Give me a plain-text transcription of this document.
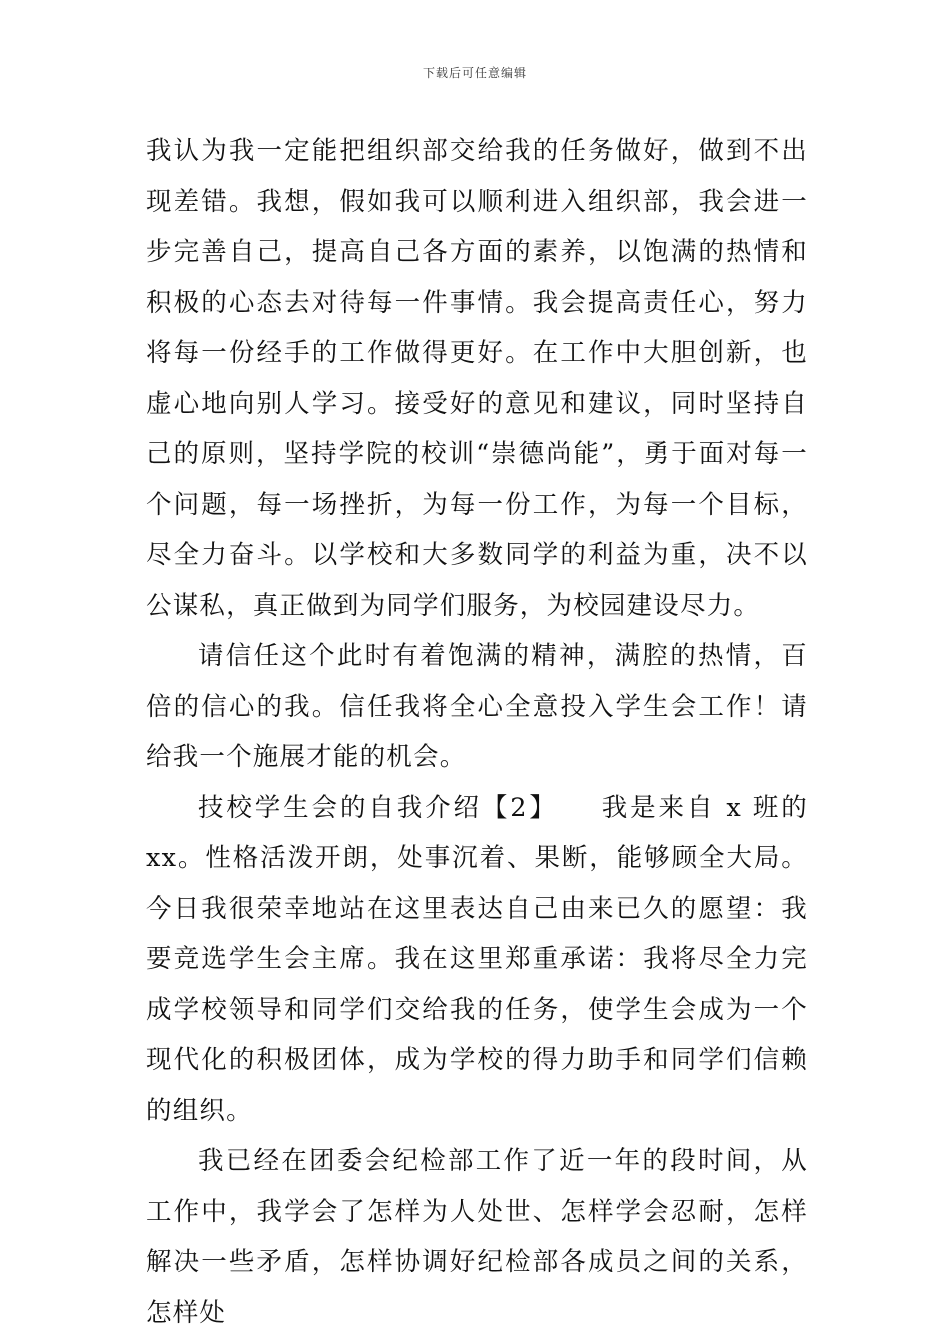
下载后可任意编辑

我认为我一定能把组织部交给我的任务做好，做到不出现差错。我想，假如我可以顺利进入组织部，我会进一步完善自己，提高自己各方面的素养，以饱满的热情和积极的心态去对待每一件事情。我会提高责任心，努力将每一份经手的工作做得更好。在工作中大胆创新，也虚心地向别人学习。接受好的意见和建议，同时坚持自己的原则，坚持学院的校训“崇德尚能”，勇于面对每一个问题，每一场挫折，为每一份工作，为每一个目标，尽全力奋斗。以学校和大多数同学的利益为重，决不以公谋私，真正做到为同学们服务，为校园建设尽力。

请信任这个此时有着饱满的精神，满腔的热情，百倍的信心的我。信任我将全心全意投入学生会工作！请给我一个施展才能的机会。

技校学生会的自我介绍【2】　　我是来自 x 班的 xx。性格活泼开朗，处事沉着、果断，能够顾全大局。今日我很荣幸地站在这里表达自己由来已久的愿望：我要竞选学生会主席。我在这里郑重承诺：我将尽全力完成学校领导和同学们交给我的任务，使学生会成为一个现代化的积极团体，成为学校的得力助手和同学们信赖的组织。

我已经在团委会纪检部工作了近一年的段时间，从工作中，我学会了怎样为人处世、怎样学会忍耐，怎样解决一些矛盾，怎样协调好纪检部各成员之间的关系，怎样处
